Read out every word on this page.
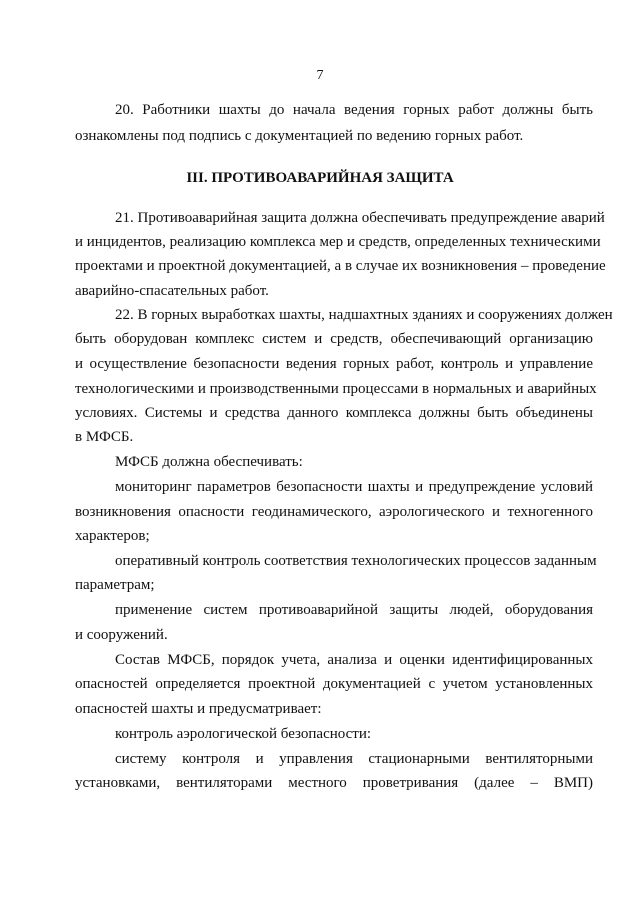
7
20. Работники шахты до начала ведения горных работ должны быть
ознакомлены под подпись с документацией по ведению горных работ.
III. ПРОТИВОАВАРИЙНАЯ ЗАЩИТА
21. Противоаварийная защита должна обеспечивать предупреждение аварий
и инцидентов, реализацию комплекса мер и средств, определенных техническими
проектами и проектной документацией, а в случае их возникновения – проведение
аварийно-спасательных работ.
22. В горных выработках шахты, надшахтных зданиях и сооружениях должен
быть оборудован комплекс систем и средств, обеспечивающий организацию
и осуществление безопасности ведения горных работ, контроль и управление
технологическими и производственными процессами в нормальных и аварийных
условиях. Системы и средства данного комплекса должны быть объединены
в МФСБ.
МФСБ должна обеспечивать:
мониторинг параметров безопасности шахты и предупреждение условий
возникновения опасности геодинамического, аэрологического и техногенного
характеров;
оперативный контроль соответствия технологических процессов заданным
параметрам;
применение систем противоаварийной защиты людей, оборудования
и сооружений.
Состав МФСБ, порядок учета, анализа и оценки идентифицированных
опасностей определяется проектной документацией с учетом установленных
опасностей шахты и предусматривает:
контроль аэрологической безопасности:
систему контроля и управления стационарными вентиляторными
установками, вентиляторами местного проветривания (далее – ВМП)
